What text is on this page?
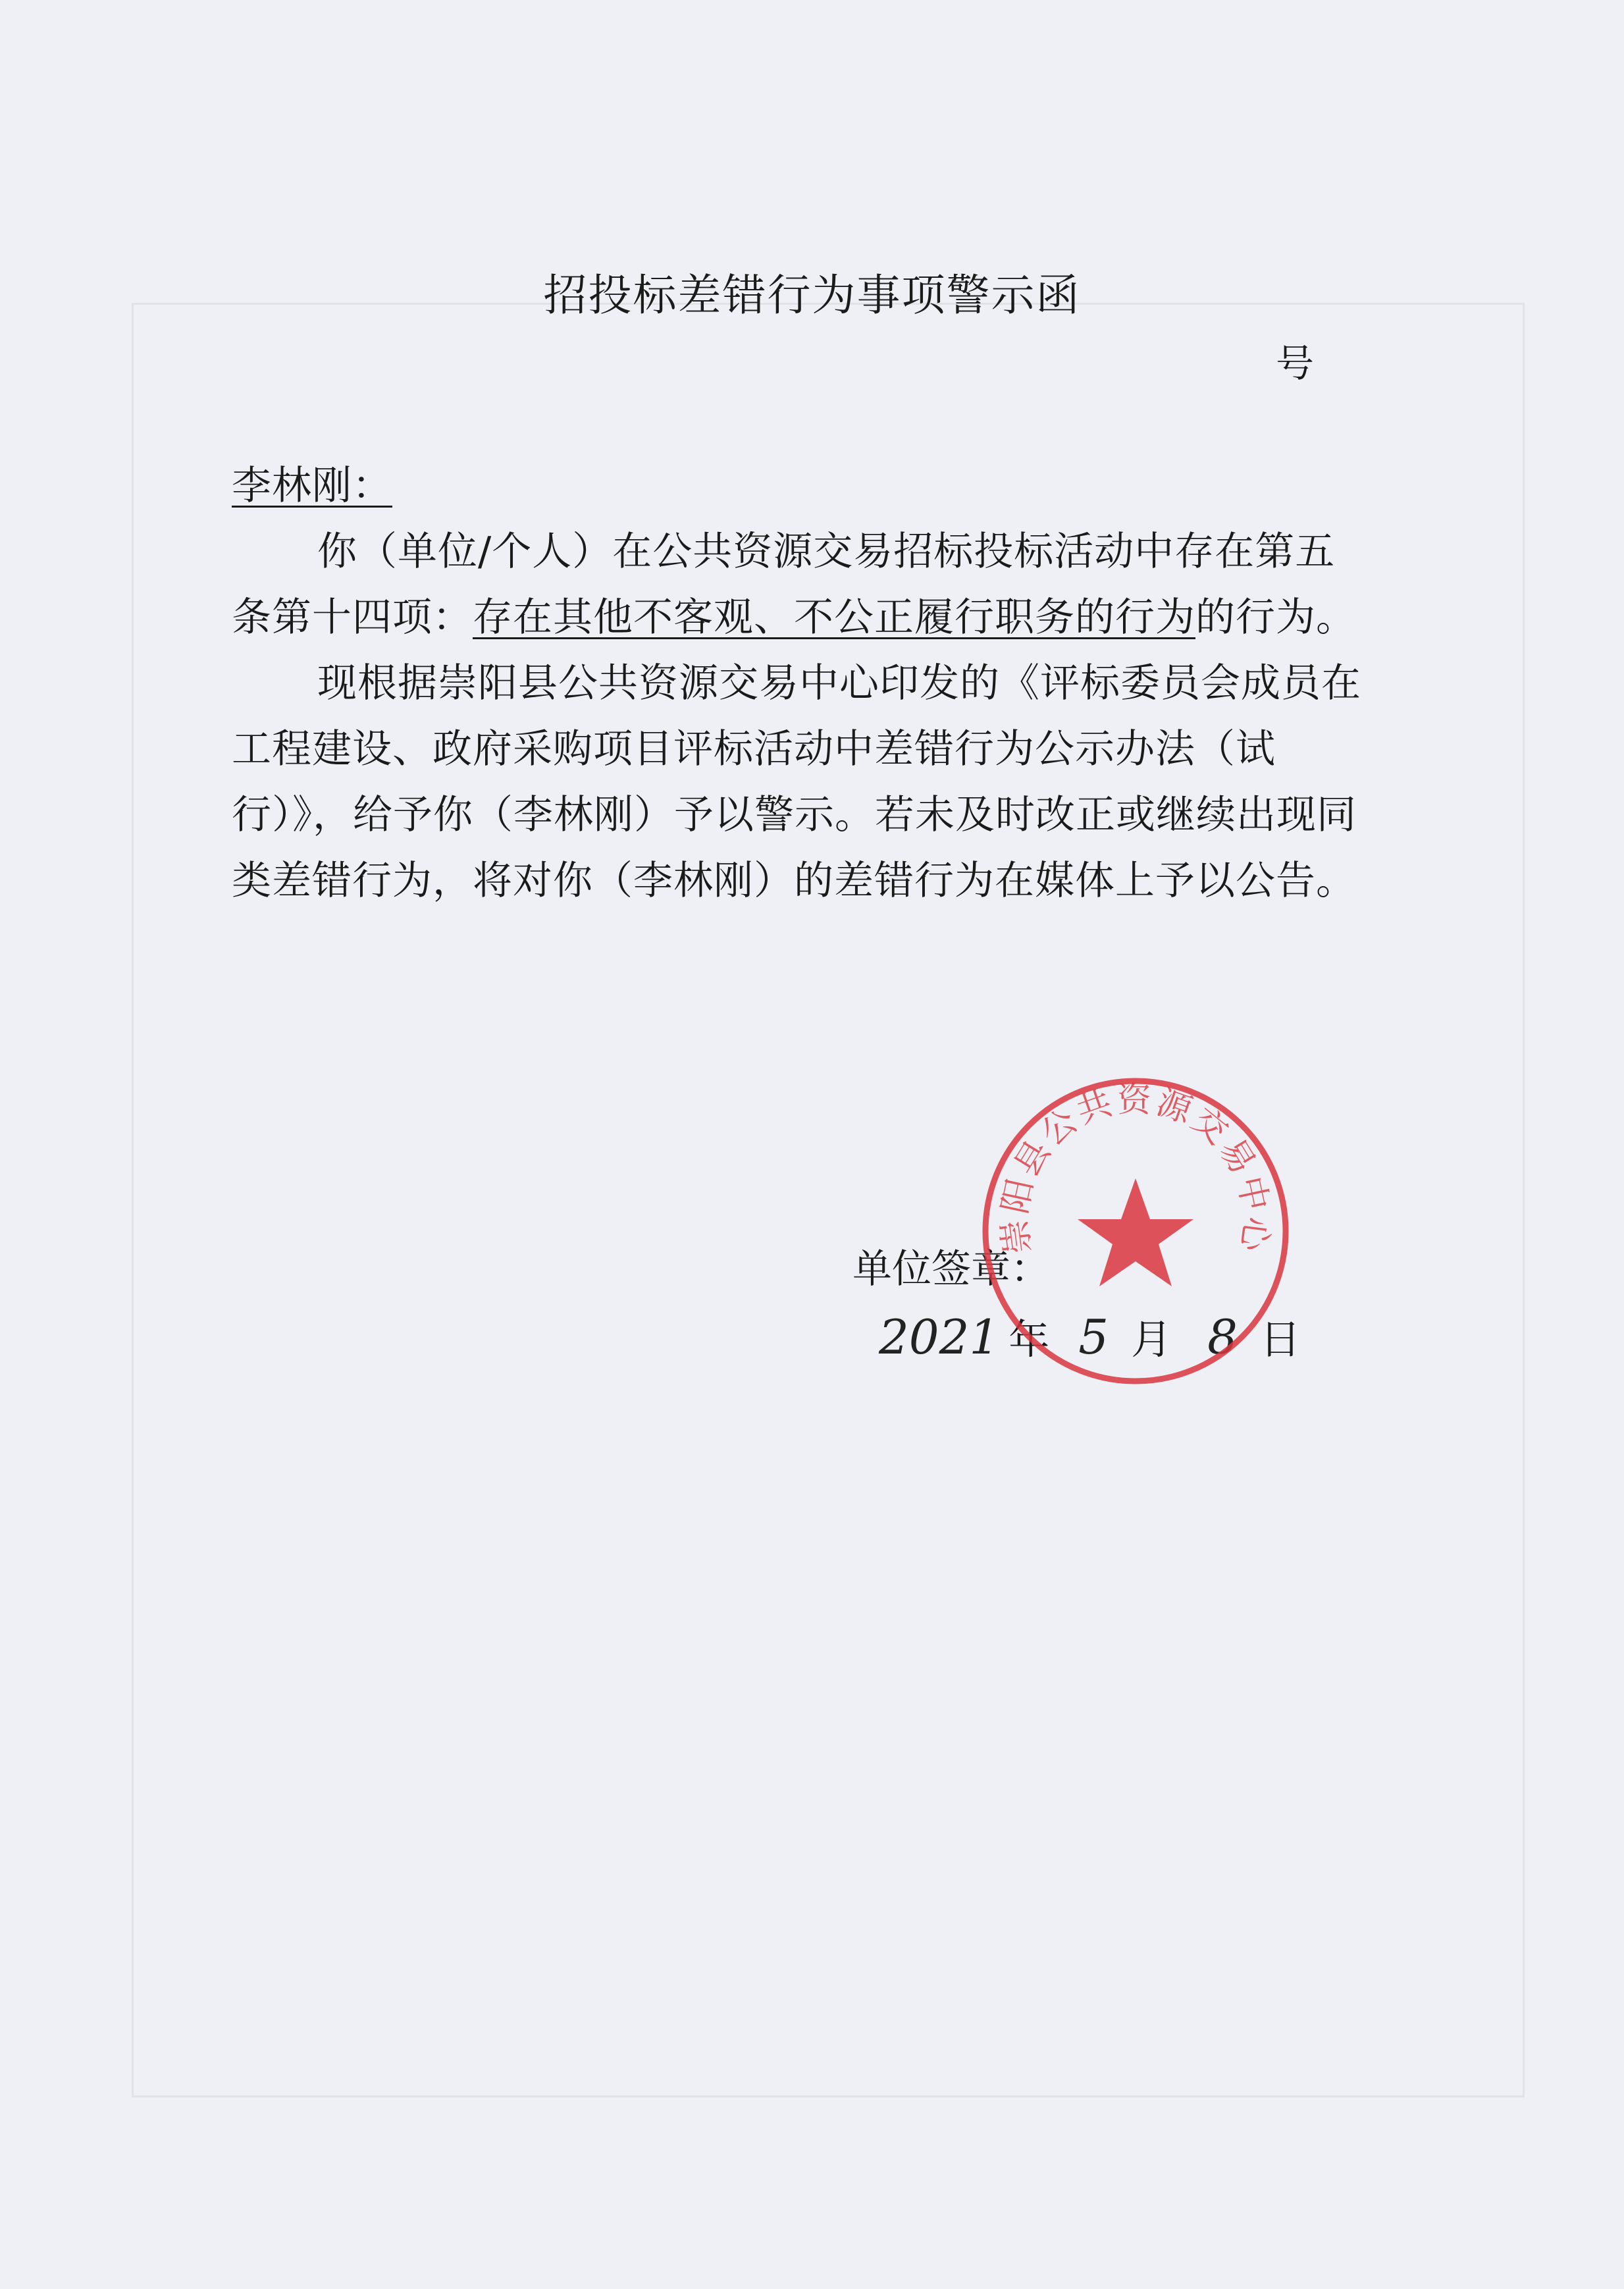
招投标差错行为事项警示函
号

李林刚：

你（单位/个人）在公共资源交易招标投标活动中存在第五条第十四项：存在其他不客观、不公正履行职务的行为的行为。

现根据崇阳县公共资源交易中心印发的《评标委员会成员在工程建设、政府采购项目评标活动中差错行为公示办法（试行）》，给予你（李林刚）予以警示。若未及时改正或继续出现同类差错行为，将对你（李林刚）的差错行为在媒体上予以公告。

单位签章：
2021 年 5 月 8 日
崇阳县公共资源交易中心
